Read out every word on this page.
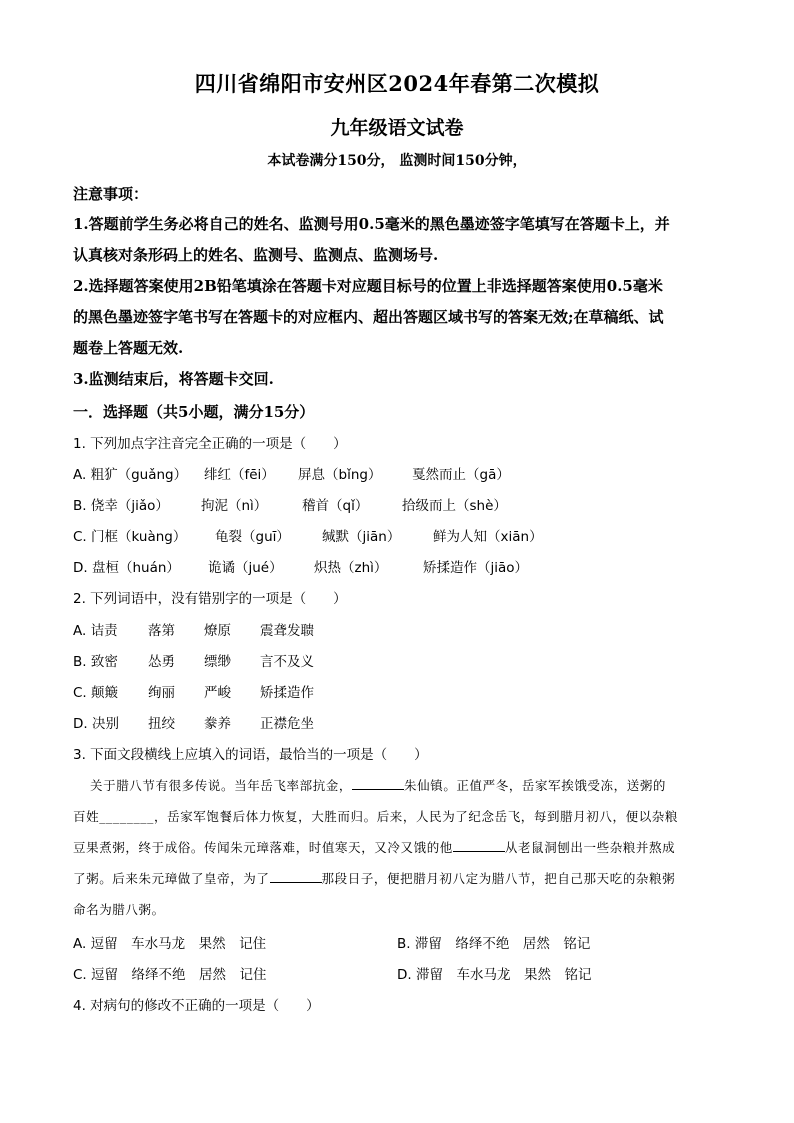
四川省绵阳市安州区2024年春第二次模拟
九年级语文试卷
本试卷满分150分， 监测时间150分钟，
注意事项：
1.答题前学生务必将自己的姓名、监测号用0.5毫米的黑色墨迹签字笔填写在答题卡上，并
认真核对条形码上的姓名、监测号、监测点、监测场号.
2.选择题答案使用2B铅笔填涂在答题卡对应题目标号的位置上非选择题答案使用0.5毫米
的黑色墨迹签字笔书写在答题卡的对应框内、超出答题区域书写的答案无效;在草稿纸、试
题卷上答题无效.
3.监测结束后，将答题卡交回.
一．选择题（共5小题，满分15分）
1. 下列加点字注音完全正确的一项是（　　）
A. 粗犷（guǎng） 绯红（fēi） 屏息（bǐng） 戛然而止（gā）
B. 侥幸（jiǎo） 拘泥（nì）	稽首（qǐ） 拾级而上（shè）
C. 门框（kuàng） 龟裂（guī） 缄默（jiān） 鲜为人知（xiān）
D. 盘桓（huán） 诡谲（jué） 炽热（zhì）	矫揉造作（jiāo）
2. 下列词语中，没有错别字的一项是（　　）
A. 诘责 落第 燎原 震聋发聩
B. 致密 怂勇 缥缈 言不及义
C. 颠簸 绚丽 严峻 矫揉造作
D. 决别 扭绞 豢养 正襟危坐
3. 下面文段横线上应填入的词语，最恰当的一项是（　　）
关于腊八节有很多传说。当年岳飞率部抗金，	朱仙镇。正值严冬，岳家军挨饿受冻，送粥的
百姓________，岳家军饱餐后体力恢复，大胜而归。后来，人民为了纪念岳飞，每到腊月初八，便以杂粮
豆果煮粥，终于成俗。传闻朱元璋落难，时值寒天，又冷又饿的他	从老鼠洞刨出一些杂粮并熬成
了粥。后来朱元璋做了皇帝，为了	那段日子，便把腊月初八定为腊八节，把自己那天吃的杂粮粥
命名为腊八粥。
A. 逗留　车水马龙　果然　记住	B. 滞留　络绎不绝　居然　铭记
C. 逗留　络绎不绝　居然　记住	D. 滞留　车水马龙　果然　铭记
4. 对病句的修改不正确的一项是（　　）
